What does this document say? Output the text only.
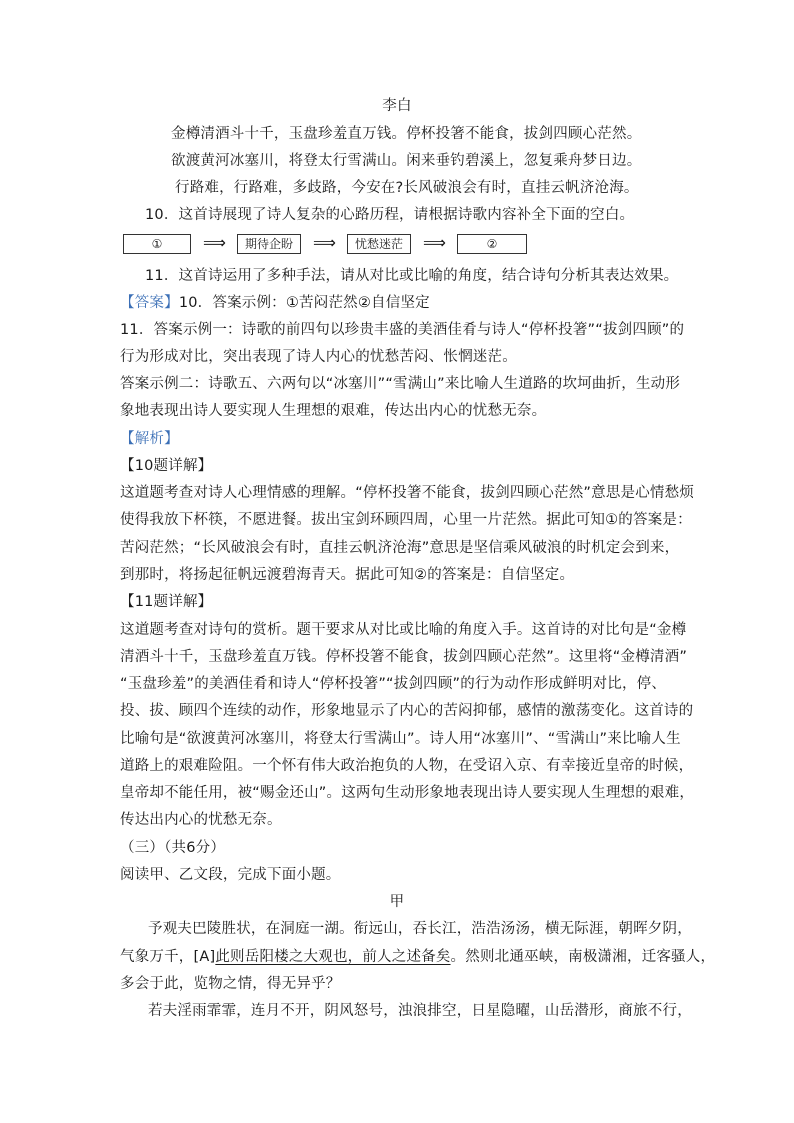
李白
金樽清酒斗十千，玉盘珍羞直万钱。停杯投箸不能食，拔剑四顾心茫然。
欲渡黄河冰塞川，将登太行雪满山。闲来垂钓碧溪上，忽复乘舟梦日边。
行路难，行路难，多歧路，今安在?长风破浪会有时，直挂云帆济沧海。
10．这首诗展现了诗人复杂的心路历程，请根据诗歌内容补全下面的空白。
①	⟹	期待企盼	⟹	忧愁迷茫	⟹	②
11．这首诗运用了多种手法，请从对比或比喻的角度，结合诗句分析其表达效果。
【答案】10．答案示例：①苦闷茫然②自信坚定
11．答案示例一：诗歌的前四句以珍贵丰盛的美酒佳肴与诗人“停杯投箸”“拔剑四顾”的
行为形成对比，突出表现了诗人内心的忧愁苦闷、怅惘迷茫。
答案示例二：诗歌五、六两句以“冰塞川”“雪满山”来比喻人生道路的坎坷曲折，生动形
象地表现出诗人要实现人生理想的艰难，传达出内心的忧愁无奈。
【解析】
【10题详解】
这道题考查对诗人心理情感的理解。“停杯投箸不能食，拔剑四顾心茫然”意思是心情愁烦
使得我放下杯筷，不愿进餐。拔出宝剑环顾四周，心里一片茫然。据此可知①的答案是：
苦闷茫然；“长风破浪会有时，直挂云帆济沧海”意思是坚信乘风破浪的时机定会到来，
到那时，将扬起征帆远渡碧海青天。据此可知②的答案是：自信坚定。
【11题详解】
这道题考查对诗句的赏析。题干要求从对比或比喻的角度入手。这首诗的对比句是“金樽
清酒斗十千，玉盘珍羞直万钱。停杯投箸不能食，拔剑四顾心茫然”。这里将“金樽清酒”
“玉盘珍羞”的美酒佳肴和诗人“停杯投箸”“拔剑四顾”的行为动作形成鲜明对比，停、
投、拔、顾四个连续的动作，形象地显示了内心的苦闷抑郁，感情的激荡变化。这首诗的
比喻句是“欲渡黄河冰塞川，将登太行雪满山”。诗人用“冰塞川”、“雪满山”来比喻人生
道路上的艰难险阻。一个怀有伟大政治抱负的人物，在受诏入京、有幸接近皇帝的时候，
皇帝却不能任用，被“赐金还山”。这两句生动形象地表现出诗人要实现人生理想的艰难，
传达出内心的忧愁无奈。
（三）（共6分）
阅读甲、乙文段，完成下面小题。
甲
予观夫巴陵胜状，在洞庭一湖。衔远山，吞长江，浩浩汤汤，横无际涯，朝晖夕阴，
气象万千，[A]此则岳阳楼之大观也，前人之述备矣。然则北通巫峡，南极潇湘，迁客骚人，
多会于此，览物之情，得无异乎？
若夫淫雨霏霏，连月不开，阴风怒号，浊浪排空，日星隐曜，山岳潜形，商旅不行，
